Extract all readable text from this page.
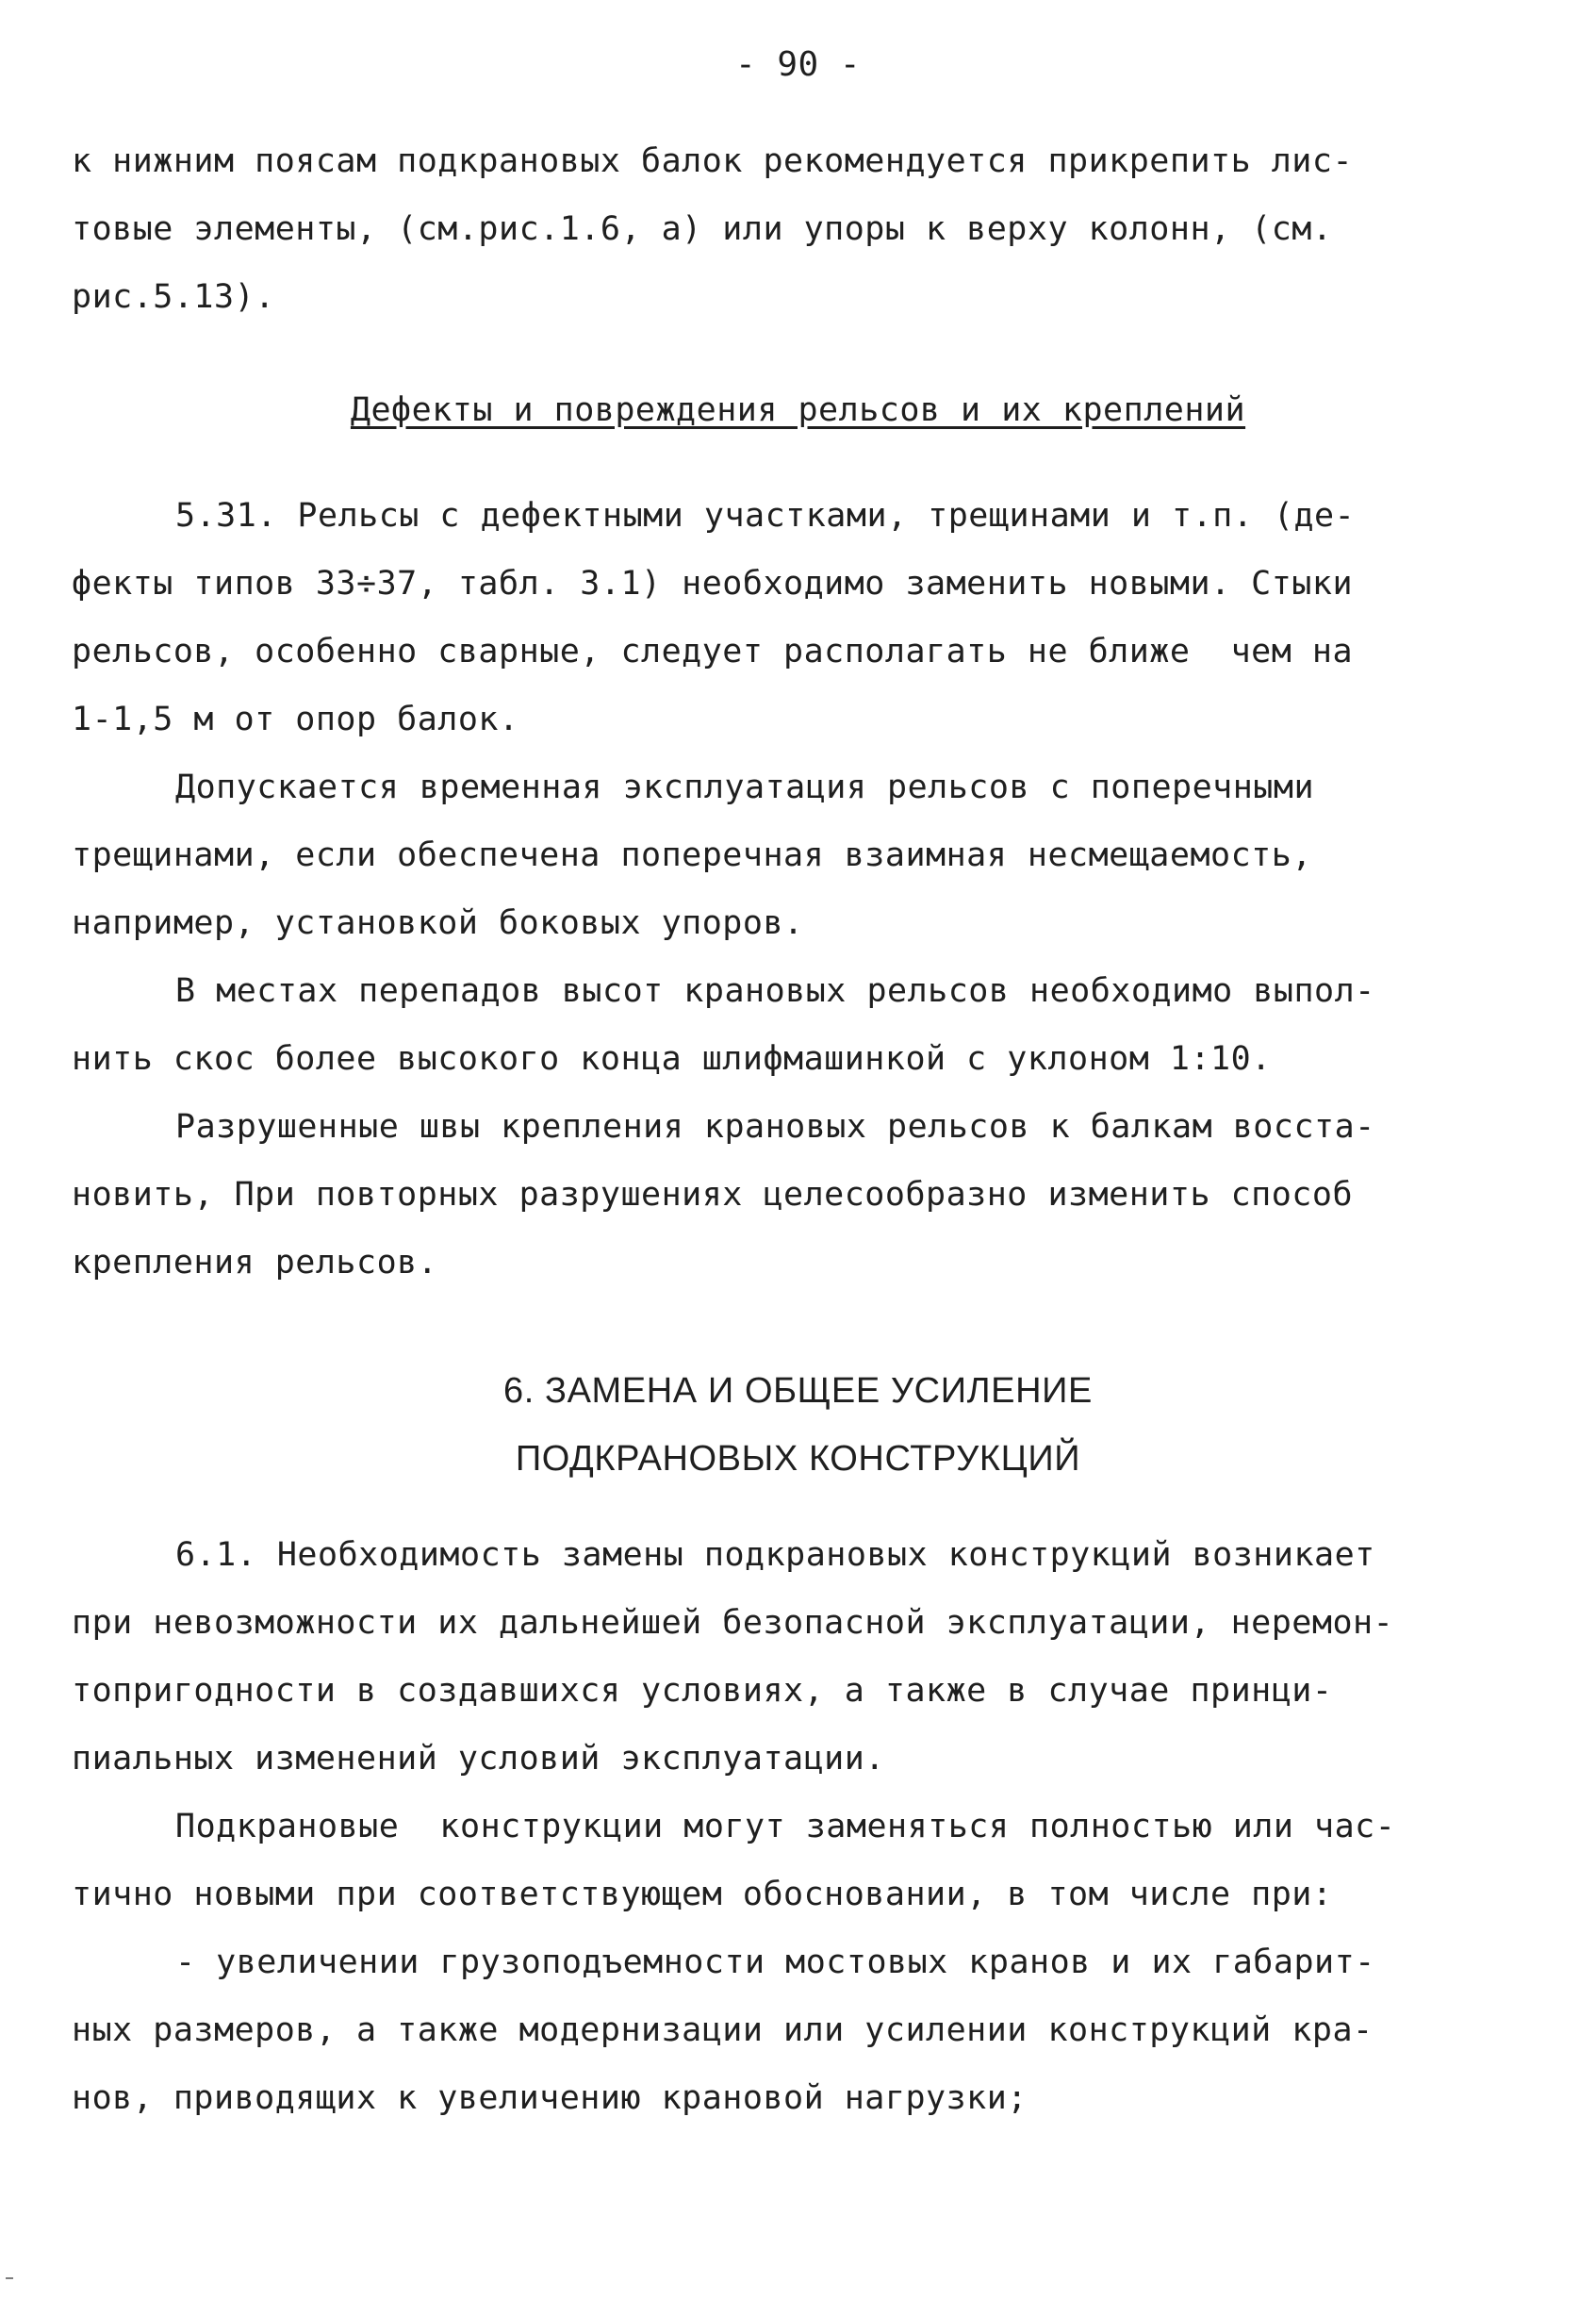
- 90 -
к нижним поясам подкрановых балок рекомендуется прикрепить лис-
товые элементы, (см.рис.1.6, а) или упоры к верху колонн, (см.
рис.5.13).
Дефекты и повреждения рельсов и их креплений
5.31. Рельсы с дефектными участками, трещинами и т.п. (де-
фекты типов 33÷37, табл. 3.1) необходимо заменить новыми. Стыки
рельсов, особенно сварные, следует располагать не ближе  чем на
1-1,5 м от опор балок.
Допускается временная эксплуатация рельсов с поперечными
трещинами, если обеспечена поперечная взаимная несмещаемость,
например, установкой боковых упоров.
В местах перепадов высот крановых рельсов необходимо выпол-
нить скос более высокого конца шлифмашинкой с уклоном 1:10.
Разрушенные швы крепления крановых рельсов к балкам восста-
новить, При повторных разрушениях целесообразно изменить способ
крепления рельсов.
6. ЗАМЕНА И ОБЩЕЕ УСИЛЕНИЕ
ПОДКРАНОВЫХ КОНСТРУКЦИЙ
6.1. Необходимость замены подкрановых конструкций возникает
при невозможности их дальнейшей безопасной эксплуатации, неремон-
топригодности в создавшихся условиях, а также в случае принци-
пиальных изменений условий эксплуатации.
Подкрановые  конструкции могут заменяться полностью или час-
тично новыми при соответствующем обосновании, в том числе при:
- увеличении грузоподъемности мостовых кранов и их габарит-
ных размеров, а также модернизации или усилении конструкций кра-
нов, приводящих к увеличению крановой нагрузки;
